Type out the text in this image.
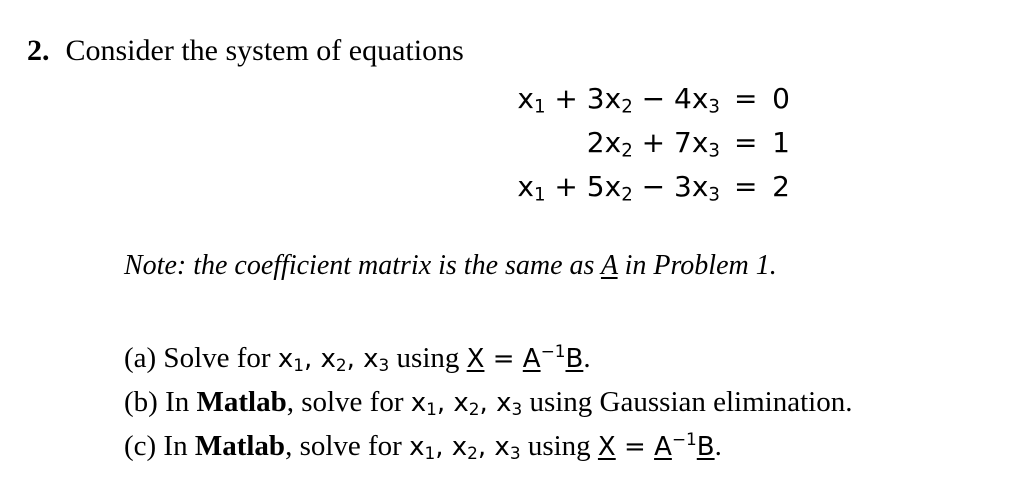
2. Consider the system of equations
$x_1 + 3x_2 - 4x_3 = 0$
$2x_2 + 7x_3 = 1$
$x_1 + 5x_2 - 3x_3 = 2$
Note: the coefficient matrix is the same as A in Problem 1.
(a) Solve for $x_1$, $x_2$, $x_3$ using $X = A^{-1}B$.
(b) In Matlab, solve for $x_1$, $x_2$, $x_3$ using Gaussian elimination.
(c) In Matlab, solve for $x_1$, $x_2$, $x_3$ using $X = A^{-1}B$.
